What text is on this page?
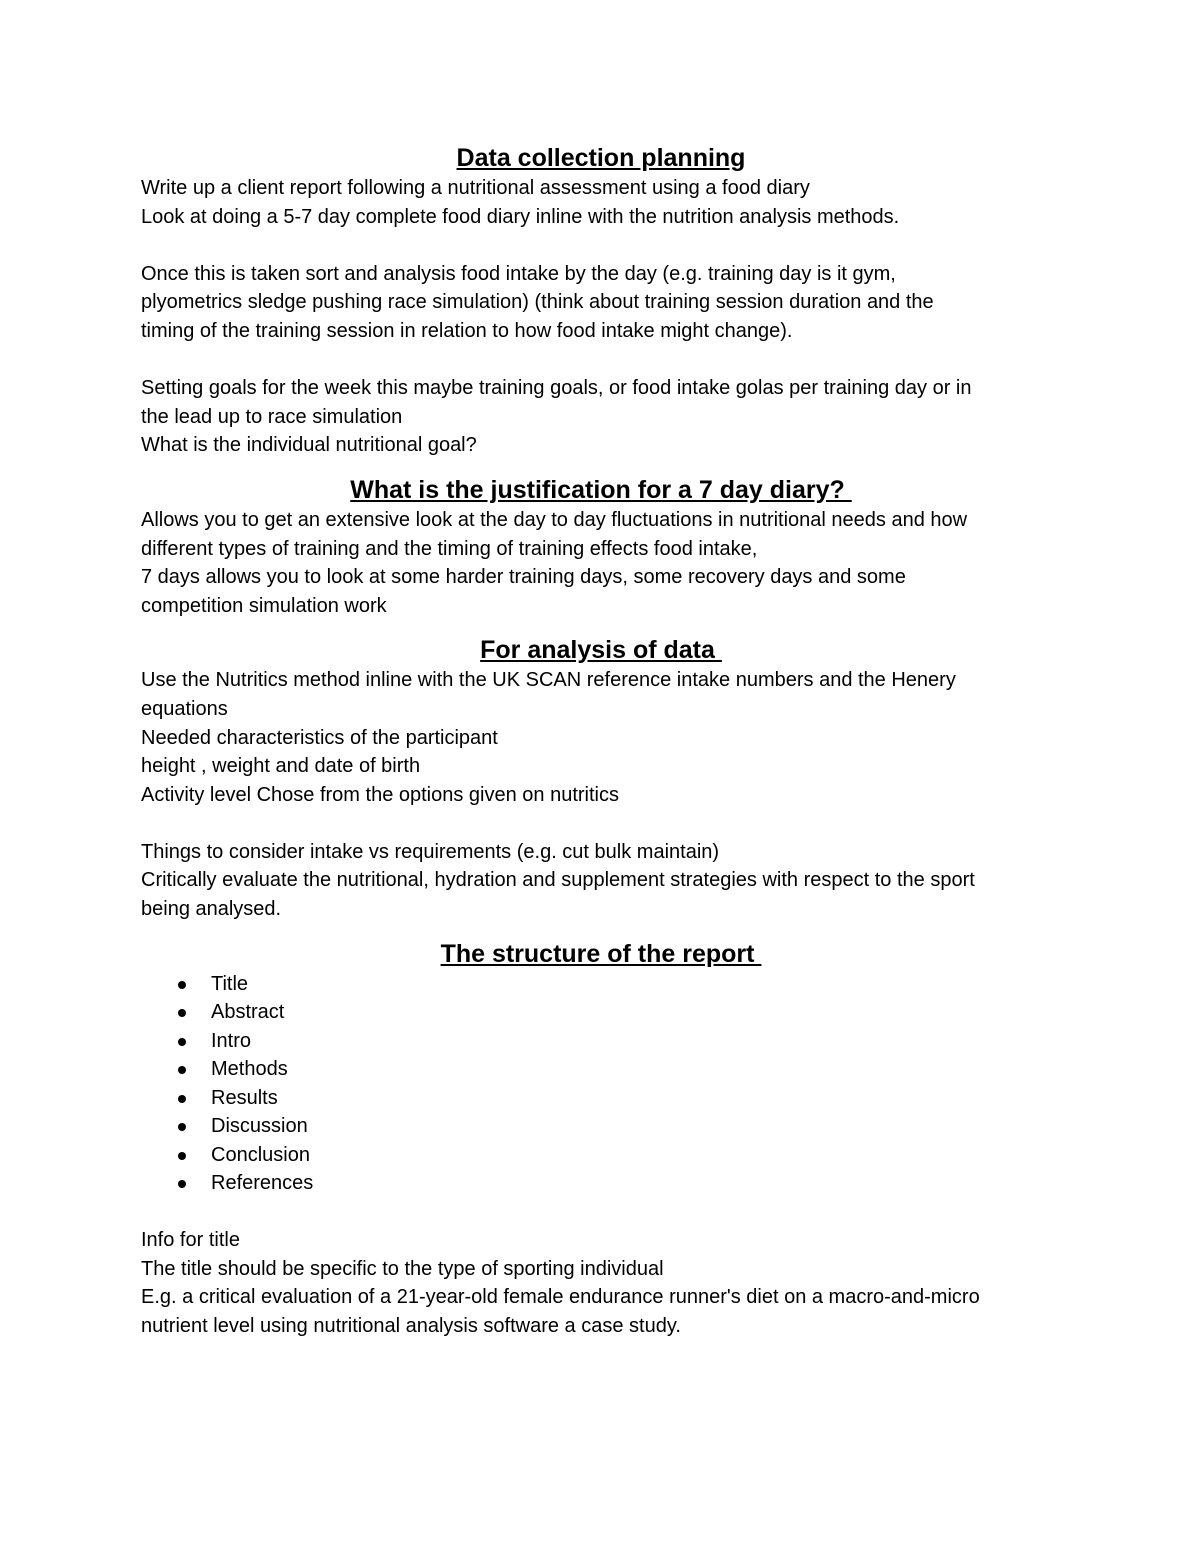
Data collection planning

Write up a client report following a nutritional assessment using a food diary

Look at doing a 5-7 day complete food diary inline with the nutrition analysis methods.

Once this is taken sort and analysis food intake by the day (e.g. training day is it gym,

plyometrics sledge pushing race simulation) (think about training session duration and the

timing of the training session in relation to how food intake might change).

Setting goals for the week this maybe training goals, or food intake golas per training day or in

the lead up to race simulation

What is the individual nutritional goal?

What is the justification for a 7 day diary?

Allows you to get an extensive look at the day to day fluctuations in nutritional needs and how

different types of training and the timing of training effects food intake,

7 days allows you to look at some harder training days, some recovery days and some

competition simulation work

For analysis of data

Use the Nutritics method inline with the UK SCAN reference intake numbers and the Henery

equations

Needed characteristics of the participant

height , weight and date of birth

Activity level Chose from the options given on nutritics

Things to consider intake vs requirements (e.g. cut bulk maintain)

Critically evaluate the nutritional, hydration and supplement strategies with respect to the sport

being analysed.

The structure of the report
Title
Abstract
Intro
Methods
Results
Discussion
Conclusion
References

Info for title

The title should be specific to the type of sporting individual

E.g. a critical evaluation of a 21-year-old female endurance runner's diet on a macro-and-micro

nutrient level using nutritional analysis software a case study.
